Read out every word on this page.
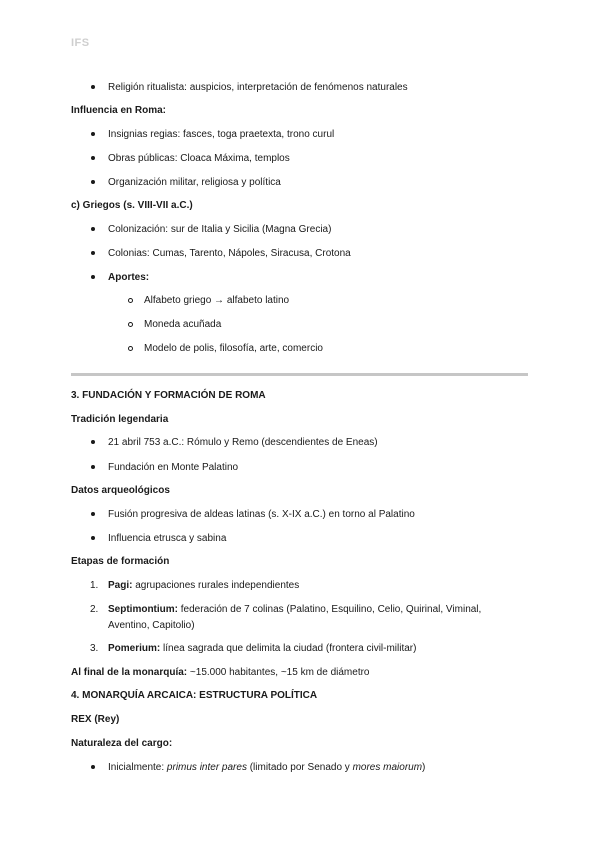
IFS
Religión ritualista: auspicios, interpretación de fenómenos naturales
Influencia en Roma:
Insignias regias: fasces, toga praetexta, trono curul
Obras públicas: Cloaca Máxima, templos
Organización militar, religiosa y política
c) Griegos (s. VIII-VII a.C.)
Colonización: sur de Italia y Sicilia (Magna Grecia)
Colonias: Cumas, Tarento, Nápoles, Siracusa, Crotona
Aportes:
Alfabeto griego → alfabeto latino
Moneda acuñada
Modelo de polis, filosofía, arte, comercio
3. FUNDACIÓN Y FORMACIÓN DE ROMA
Tradición legendaria
21 abril 753 a.C.: Rómulo y Remo (descendientes de Eneas)
Fundación en Monte Palatino
Datos arqueológicos
Fusión progresiva de aldeas latinas (s. X-IX a.C.) en torno al Palatino
Influencia etrusca y sabina
Etapas de formación
1. Pagi: agrupaciones rurales independientes
2. Septimontium: federación de 7 colinas (Palatino, Esquilino, Celio, Quirinal, Viminal,
Aventino, Capitolio)
3. Pomerium: línea sagrada que delimita la ciudad (frontera civil-militar)
Al final de la monarquía: ~15.000 habitantes, ~15 km de diámetro
4. MONARQUÍA ARCAICA: ESTRUCTURA POLÍTICA
REX (Rey)
Naturaleza del cargo:
Inicialmente: primus inter pares (limitado por Senado y mores maiorum)
